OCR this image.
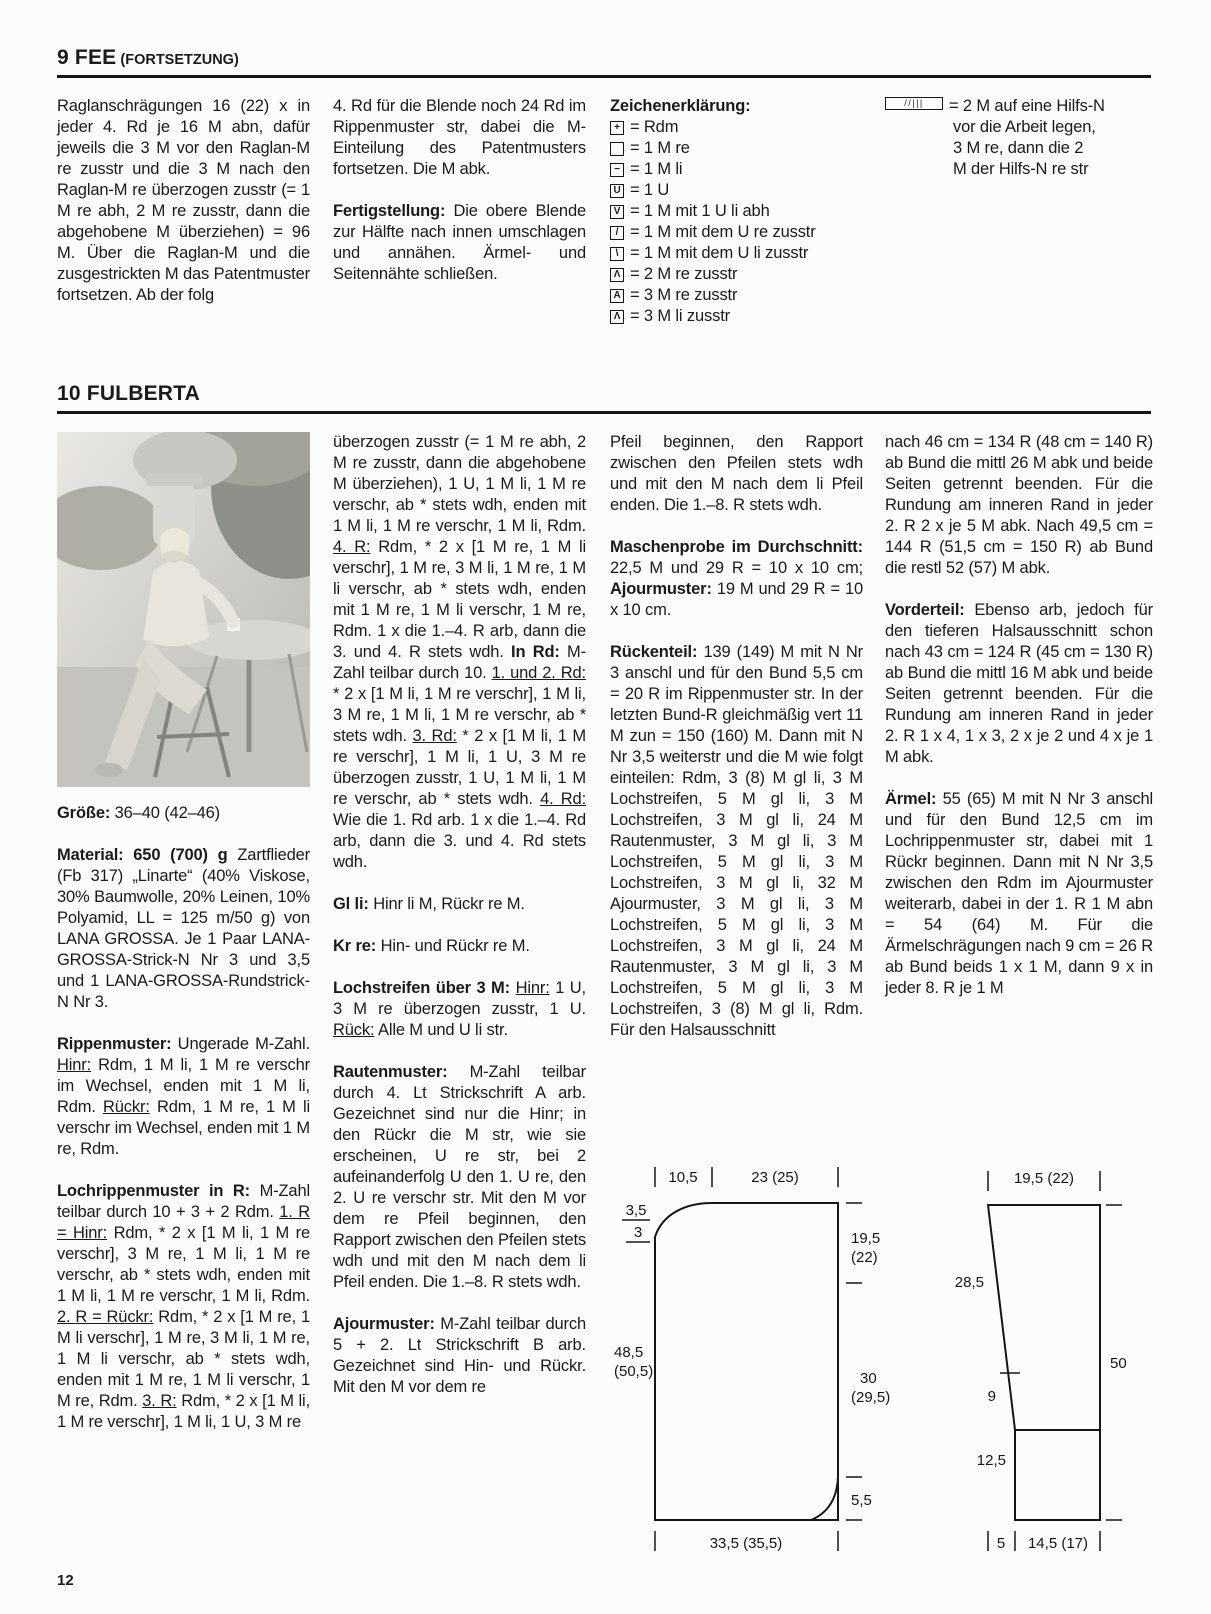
9 FEE (FORTSETZUNG)

Raglanschrägungen 16 (22) x in jeder 4. Rd je 16 M abn, dafür jeweils die 3 M vor den Raglan-M re zusstr und die 3 M nach den Raglan-M re überzogen zusstr (= 1 M re abh, 2 M re zusstr, dann die abgehobene M überziehen) = 96 M. Über die Raglan-M und die zusgestrickten M das Patentmuster fortsetzen. Ab der folg

4. Rd für die Blende noch 24 Rd im Rippenmuster str, dabei die M-Einteilung des Patentmusters fortsetzen. Die M abk.

Fertigstellung: Die obere Blende zur Hälfte nach innen umschlagen und annähen. Ärmel- und Seitennähte schließen.

Zeichenerklärung:
+ = Rdm
= 1 M re
− = 1 M li
U = 1 U
V = 1 M mit 1 U li abh
/ = 1 M mit dem U re zusstr
\ = 1 M mit dem U li zusstr
Λ = 2 M re zusstr
A = 3 M re zusstr
Ʌ = 3 M li zusstr
//||| = 2 M auf eine Hilfs-N
vor die Arbeit legen,
3 M re, dann die 2
M der Hilfs-N re str
10 FULBERTA

Größe: 36–40 (42–46)

Material: 650 (700) g Zartflieder (Fb 317) „Linarte“ (40% Viskose, 30% Baumwolle, 20% Leinen, 10% Polyamid, LL = 125 m/50 g) von LANA GROSSA. Je 1 Paar LANA-GROSSA-Strick-N Nr 3 und 3,5 und 1 LANA-GROSSA-Rundstrick-N Nr 3.

Rippenmuster: Ungerade M-Zahl. Hinr: Rdm, 1 M li, 1 M re verschr im Wechsel, enden mit 1 M li, Rdm. Rückr: Rdm, 1 M re, 1 M li verschr im Wechsel, enden mit 1 M re, Rdm.

Lochrippenmuster in R: M-Zahl teilbar durch 10 + 3 + 2 Rdm. 1. R = Hinr: Rdm, * 2 x [1 M li, 1 M re verschr], 3 M re, 1 M li, 1 M re verschr, ab * stets wdh, enden mit 1 M li, 1 M re verschr, 1 M li, Rdm. 2. R = Rückr: Rdm, * 2 x [1 M re, 1 M li verschr], 1 M re, 3 M li, 1 M re, 1 M li verschr, ab * stets wdh, enden mit 1 M re, 1 M li verschr, 1 M re, Rdm. 3. R: Rdm, * 2 x [1 M li, 1 M re verschr], 1 M li, 1 U, 3 M re

überzogen zusstr (= 1 M re abh, 2 M re zusstr, dann die abgehobene M überziehen), 1 U, 1 M li, 1 M re verschr, ab * stets wdh, enden mit 1 M li, 1 M re verschr, 1 M li, Rdm. 4. R: Rdm, * 2 x [1 M re, 1 M li verschr], 1 M re, 3 M li, 1 M re, 1 M li verschr, ab * stets wdh, enden mit 1 M re, 1 M li verschr, 1 M re, Rdm. 1 x die 1.–4. R arb, dann die 3. und 4. R stets wdh. In Rd: M-Zahl teilbar durch 10. 1. und 2. Rd: * 2 x [1 M li, 1 M re verschr], 1 M li, 3 M re, 1 M li, 1 M re verschr, ab * stets wdh. 3. Rd: * 2 x [1 M li, 1 M re verschr], 1 M li, 1 U, 3 M re überzogen zusstr, 1 U, 1 M li, 1 M re verschr, ab * stets wdh. 4. Rd: Wie die 1. Rd arb. 1 x die 1.–4. Rd arb, dann die 3. und 4. Rd stets wdh.

Gl li: Hinr li M, Rückr re M.

Kr re: Hin- und Rückr re M.

Lochstreifen über 3 M: Hinr: 1 U, 3 M re überzogen zusstr, 1 U. Rück: Alle M und U li str.

Rautenmuster: M-Zahl teilbar durch 4. Lt Strickschrift A arb. Gezeichnet sind nur die Hinr; in den Rückr die M str, wie sie erscheinen, U re str, bei 2 aufeinanderfolg U den 1. U re, den 2. U re verschr str. Mit den M vor dem re Pfeil beginnen, den Rapport zwischen den Pfeilen stets wdh und mit den M nach dem li Pfeil enden. Die 1.–8. R stets wdh.

Ajourmuster: M-Zahl teilbar durch 5 + 2. Lt Strickschrift B arb. Gezeichnet sind Hin- und Rückr. Mit den M vor dem re

Pfeil beginnen, den Rapport zwischen den Pfeilen stets wdh und mit den M nach dem li Pfeil enden. Die 1.–8. R stets wdh.

Maschenprobe im Durchschnitt: 22,5 M und 29 R = 10 x 10 cm; Ajourmuster: 19 M und 29 R = 10 x 10 cm.

Rückenteil: 139 (149) M mit N Nr 3 anschl und für den Bund 5,5 cm = 20 R im Rippenmuster str. In der letzten Bund-R gleichmäßig vert 11 M zun = 150 (160) M. Dann mit N Nr 3,5 weiterstr und die M wie folgt einteilen: Rdm, 3 (8) M gl li, 3 M Lochstreifen, 5 M gl li, 3 M Lochstreifen, 3 M gl li, 24 M Rautenmuster, 3 M gl li, 3 M Lochstreifen, 5 M gl li, 3 M Lochstreifen, 3 M gl li, 32 M Ajourmuster, 3 M gl li, 3 M Lochstreifen, 5 M gl li, 3 M Lochstreifen, 3 M gl li, 24 M Rautenmuster, 3 M gl li, 3 M Lochstreifen, 5 M gl li, 3 M Lochstreifen, 3 (8) M gl li, Rdm. Für den Halsausschnitt

nach 46 cm = 134 R (48 cm = 140 R) ab Bund die mittl 26 M abk und beide Seiten getrennt beenden. Für die Rundung am inneren Rand in jeder 2. R 2 x je 5 M abk. Nach 49,5 cm = 144 R (51,5 cm = 150 R) ab Bund die restl 52 (57) M abk.

Vorderteil: Ebenso arb, jedoch für den tieferen Halsausschnitt schon nach 43 cm = 124 R (45 cm = 130 R) ab Bund die mittl 16 M abk und beide Seiten getrennt beenden. Für die Rundung am inneren Rand in jeder 2. R 1 x 4, 1 x 3, 2 x je 2 und 4 x je 1 M abk.

Ärmel: 55 (65) M mit N Nr 3 anschl und für den Bund 12,5 cm im Lochrippenmuster str, dabei mit 1 Rückr beginnen. Dann mit N Nr 3,5 zwischen den Rdm im Ajourmuster weiterarb, dabei in der 1. R 1 M abn = 54 (64) M. Für die Ärmelschrägungen nach 9 cm = 26 R ab Bund beids 1 x 1 M, dann 9 x in jeder 8. R je 1 M

10,5	23 (25)
3,5
3
48,5
(50,5)
19,5
(22)
30
(29,5)
5,5
33,5 (35,5)
19,5 (22)
28,5
9
12,5
50
5 14,5 (17)
12
